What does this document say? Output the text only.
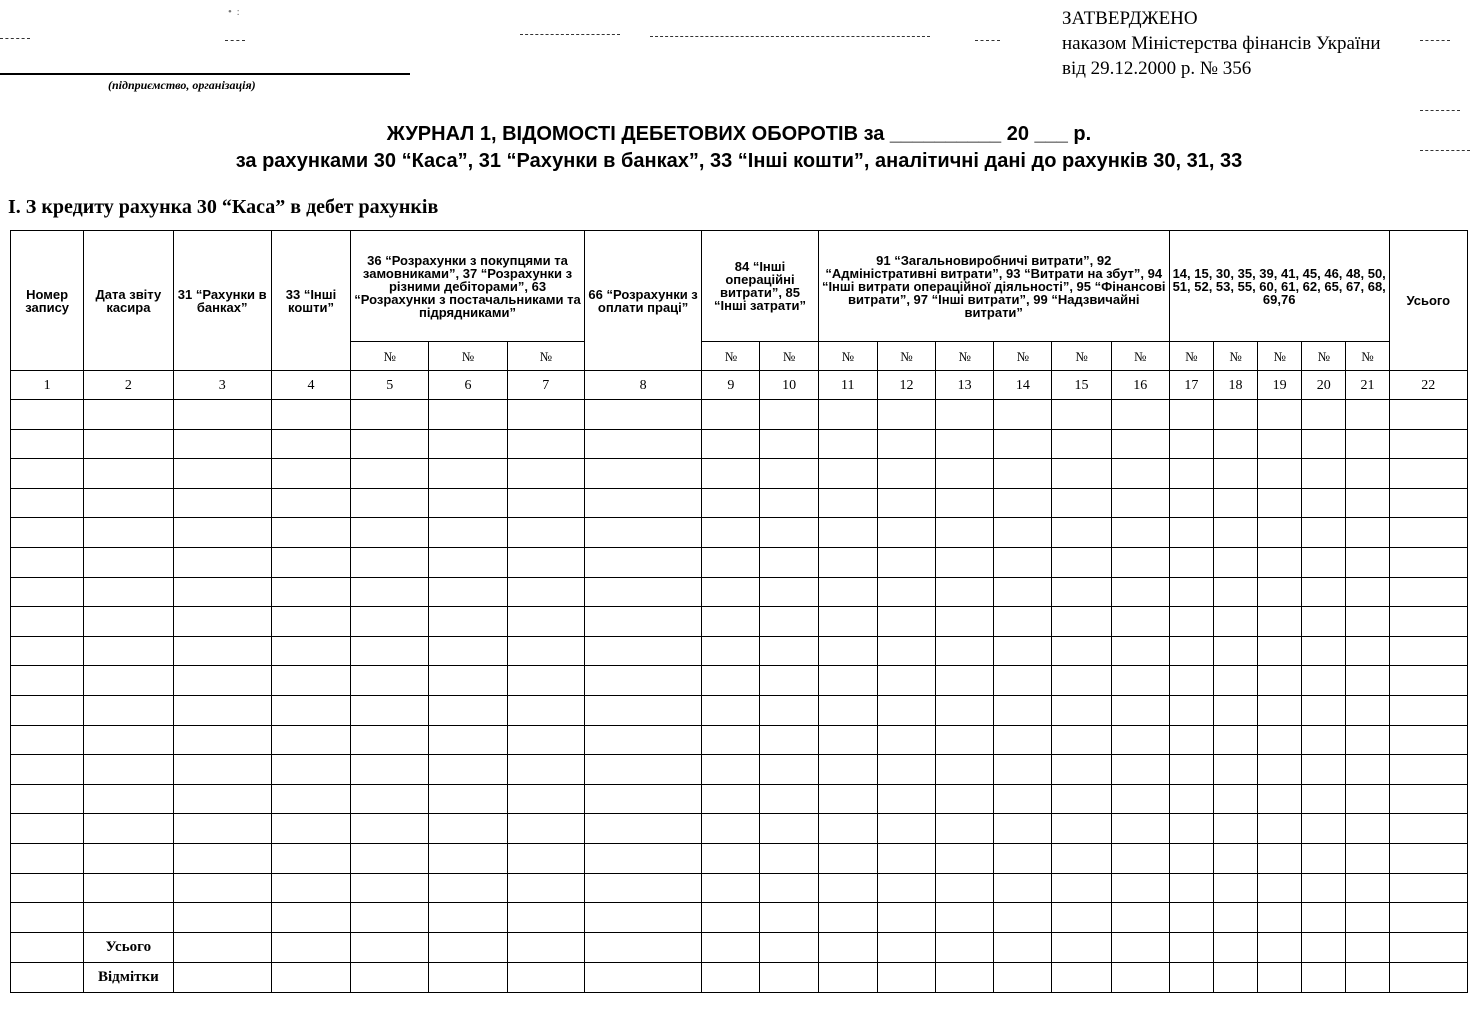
• :
(підприємство, організація)
ЗАТВЕРДЖЕНО
наказом Міністерства фінансів України
від 29.12.2000 р. № 356
ЖУРНАЛ 1, ВІДОМОСТІ ДЕБЕТОВИХ ОБОРОТІВ за __________ 20 ___ р.
за рахунками 30 “Каса”, 31 “Рахунки в банках”, 33 “Інші кошти”, аналітичні дані до рахунків 30, 31, 33
І. З кредиту рахунка 30 “Каса” в дебет рахунків
Номер запису	Дата звіту касира	31 “Рахунки в банках”	33 “Інші кошти”	36 “Розрахунки з покупцями та замовниками”, 37 “Розрахунки з різними дебіторами”, 63 “Розрахунки з постачальниками та підрядниками”			66 “Розрахунки з оплати праці”	84 “Інші операційні витрати”, 85 “Інші затрати”		91 “Загальновиробничі витрати”, 92 “Адміністративні витрати”, 93 “Витрати на збут”, 94 “Інші витрати операційної діяльності”, 95 “Фінансові витрати”, 97 “Інші витрати”, 99 “Надзвичайні витрати”						14, 15, 30, 35, 39, 41, 45, 46, 48, 50, 51, 52, 53, 55, 60, 61, 62, 65, 67, 68, 69,76					Усього
				№	№	№		№	№	№	№	№	№	№	№	№	№	№	№	№	
1	2	3	4	5	6	7	8	9	10	11	12	13	14	15	16	17	18	19	20	21	22

	Усього																				
	Відмітки																				
